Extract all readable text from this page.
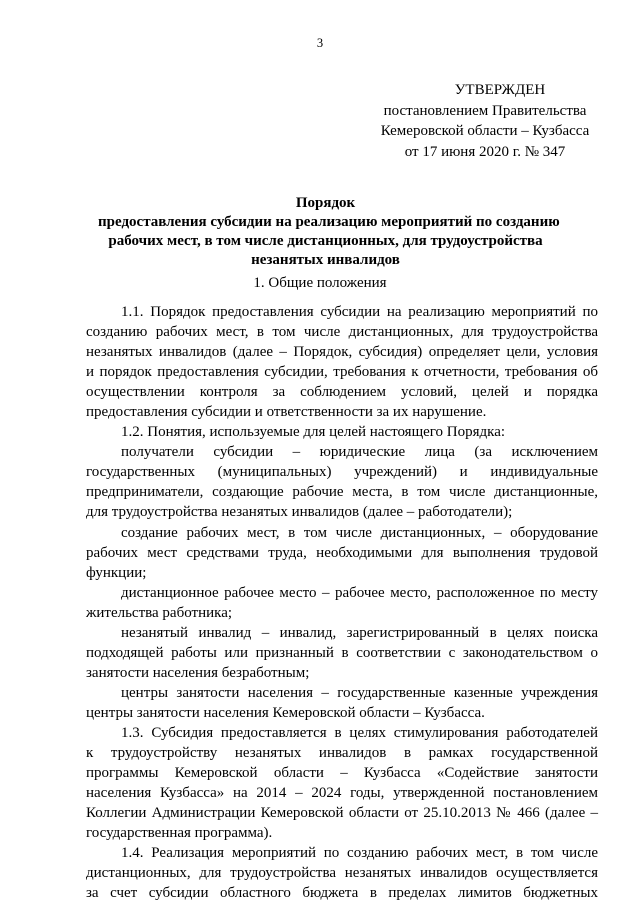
3
УТВЕРЖДЕН
постановлением Правительства
Кемеровской области – Кузбасса
от 17 июня 2020 г. № 347
Порядок
предоставления субсидии на реализацию мероприятий по созданию
рабочих мест, в том числе дистанционных, для трудоустройства
незанятых инвалидов
1. Общие положения
1.1. Порядок предоставления субсидии на реализацию мероприятий по
созданию рабочих мест, в том числе дистанционных, для трудоустройства
незанятых инвалидов (далее – Порядок, субсидия) определяет цели, условия
и порядок предоставления субсидии, требования к отчетности, требования об
осуществлении контроля за соблюдением условий, целей и порядка
предоставления субсидии и ответственности за их нарушение.
1.2. Понятия, используемые для целей настоящего Порядка:
получатели субсидии – юридические лица (за исключением
государственных (муниципальных) учреждений) и индивидуальные
предприниматели, создающие рабочие места, в том числе дистанционные,
для трудоустройства незанятых инвалидов (далее – работодатели);
создание рабочих мест, в том числе дистанционных, – оборудование
рабочих мест средствами труда, необходимыми для выполнения трудовой
функции;
дистанционное рабочее место – рабочее место, расположенное по месту
жительства работника;
незанятый инвалид – инвалид, зарегистрированный в целях поиска
подходящей работы или признанный в соответствии с законодательством о
занятости населения безработным;
центры занятости населения – государственные казенные учреждения
центры занятости населения Кемеровской области – Кузбасса.
1.3. Субсидия предоставляется в целях стимулирования работодателей
к трудоустройству незанятых инвалидов в рамках государственной
программы Кемеровской области – Кузбасса «Содействие занятости
населения Кузбасса» на 2014 – 2024 годы, утвержденной постановлением
Коллегии Администрации Кемеровской области от 25.10.2013 № 466 (далее –
государственная программа).
1.4. Реализация мероприятий по созданию рабочих мест, в том числе
дистанционных, для трудоустройства незанятых инвалидов осуществляется
за счет субсидии областного бюджета в пределах лимитов бюджетных
